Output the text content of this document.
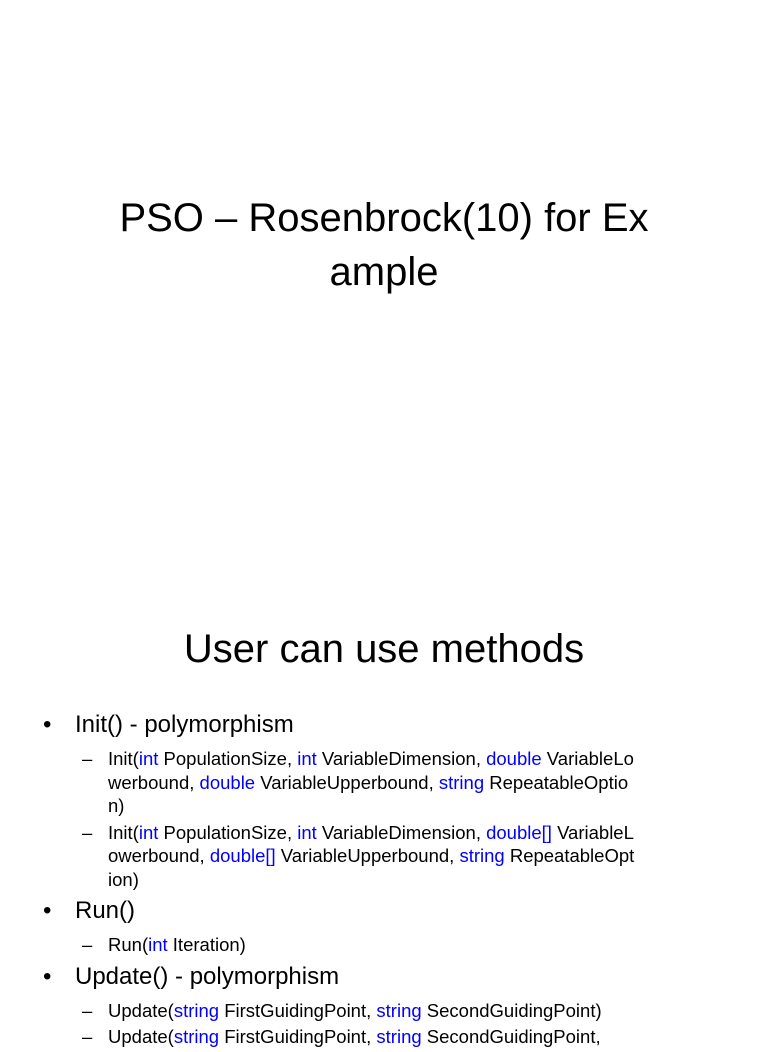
PSO – Rosenbrock(10) for Ex
ample
User can use methods
• Init() - polymorphism
– Init(int PopulationSize, int VariableDimension, double VariableLo
werbound, double VariableUpperbound, string RepeatableOptio
n)
– Init(int PopulationSize, int VariableDimension, double[] VariableL
owerbound, double[] VariableUpperbound, string RepeatableOpt
ion)
• Run()
– Run(int Iteration)
• Update() - polymorphism
– Update(string FirstGuidingPoint, string SecondGuidingPoint)
– Update(string FirstGuidingPoint, string SecondGuidingPoint,
